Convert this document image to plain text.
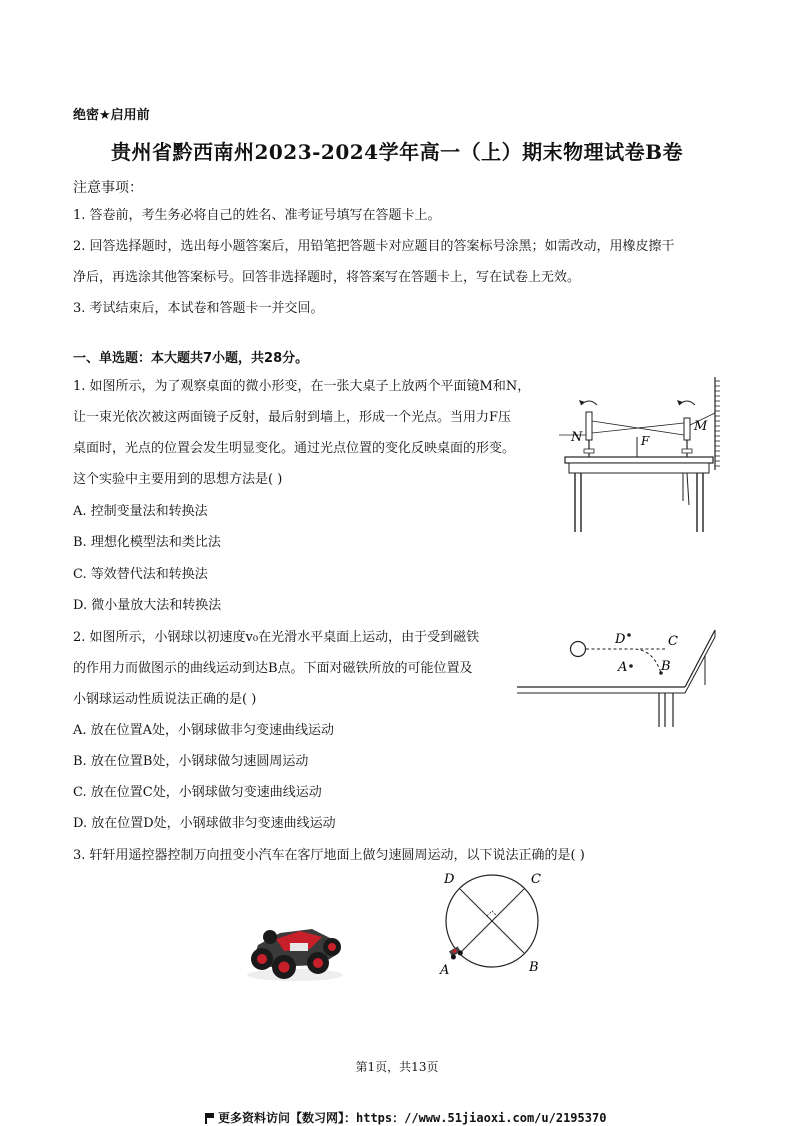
绝密★启用前
贵州省黔西南州2023-2024学年高一（上）期末物理试卷B卷
注意事项：
1. 答卷前，考生务必将自己的姓名、准考证号填写在答题卡上。
2. 回答选择题时，选出每小题答案后，用铅笔把答题卡对应题目的答案标号涂黑；如需改动，用橡皮擦干
净后，再选涂其他答案标号。回答非选择题时，将答案写在答题卡上，写在试卷上无效。
3. 考试结束后，本试卷和答题卡一并交回。
一、单选题：本大题共7小题，共28分。
1. 如图所示，为了观察桌面的微小形变，在一张大桌子上放两个平面镜M和N，
让一束光依次被这两面镜子反射，最后射到墙上，形成一个光点。当用力F压
桌面时，光点的位置会发生明显变化。通过光点位置的变化反映桌面的形变。
这个实验中主要用到的思想方法是( )
A. 控制变量法和转换法
B. 理想化模型法和类比法
C. 等效替代法和转换法
D. 微小量放大法和转换法
N
M
F
2. 如图所示，小钢球以初速度v₀在光滑水平桌面上运动，由于受到磁铁
的作用力而做图示的曲线运动到达B点。下面对磁铁所放的可能位置及
小钢球运动性质说法正确的是( )
A. 放在位置A处，小钢球做非匀变速曲线运动
B. 放在位置B处，小钢球做匀速圆周运动
C. 放在位置C处，小钢球做匀变速曲线运动
D. 放在位置D处，小钢球做非匀变速曲线运动
D	C
A	B
3. 轩轩用遥控器控制万向扭变小汽车在客厅地面上做匀速圆周运动，以下说法正确的是( )
D	C
A	B
第1页，共13页
更多资料访问【数习网】：https：//www.51jiaoxi.com/u/2195370
